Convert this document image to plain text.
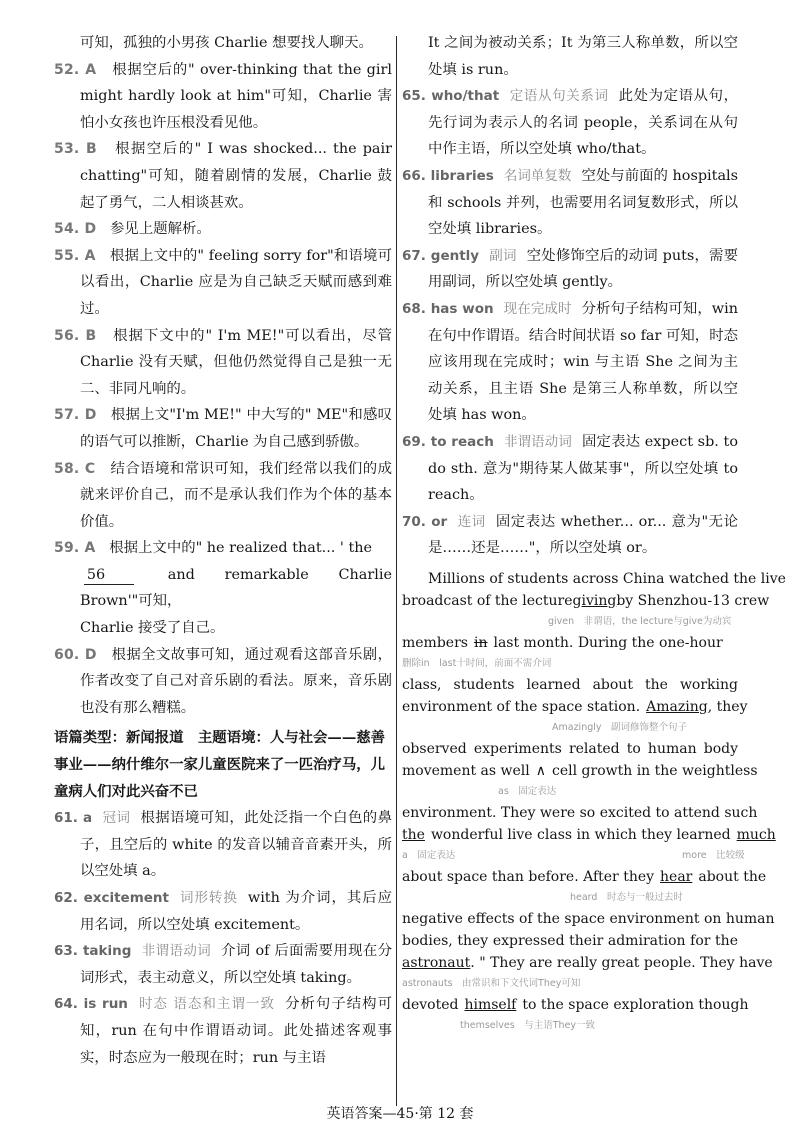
可知，孤独的小男孩 Charlie 想要找人聊天。
52. A 根据空后的" over-thinking that the girl might hardly look at him"可知，Charlie 害怕小女孩也许压根没看见他。
53. B 根据空后的" I was shocked... the pair chatting"可知，随着剧情的发展，Charlie 鼓起了勇气，二人相谈甚欢。
54. D 参见上题解析。
55. A 根据上文中的" feeling sorry for"和语境可以看出，Charlie 应是为自己缺乏天赋而感到难过。
56. B 根据下文中的" I'm ME!"可以看出，尽管 Charlie 没有天赋，但他仍然觉得自己是独一无二、非同凡响的。
57. D 根据上文"I'm ME!" 中大写的" ME"和感叹的语气可以推断，Charlie 为自己感到骄傲。
58. C 结合语境和常识可知，我们经常以我们的成就来评价自己，而不是承认我们作为个体的基本价值。
59. A 根据上文中的" he realized that... ' the
56	and remarkable Charlie Brown'"可知，
Charlie 接受了自己。
60. D 根据全文故事可知，通过观看这部音乐剧，作者改变了自己对音乐剧的看法。原来，音乐剧也没有那么糟糕。
语篇类型：新闻报道　主题语境：人与社会——慈善事业——纳什维尔一家儿童医院来了一匹治疗马，儿童病人们对此兴奋不已
61. a 冠词 根据语境可知，此处泛指一个白色的鼻子，且空后的 white 的发音以辅音音素开头，所以空处填 a。
62. excitement 词形转换 with 为介词，其后应用名词，所以空处填 excitement。
63. taking 非谓语动词 介词 of 后面需要用现在分词形式，表主动意义，所以空处填 taking。
64. is run 时态 语态和主谓一致 分析句子结构可知，run 在句中作谓语动词。此处描述客观事实，时态应为一般现在时；run 与主语
It 之间为被动关系；It 为第三人称单数，所以空处填 is run。
65. who/that 定语从句关系词 此处为定语从句，先行词为表示人的名词 people，关系词在从句中作主语，所以空处填 who/that。
66. libraries 名词单复数 空处与前面的 hospitals 和 schools 并列，也需要用名词复数形式，所以空处填 libraries。
67. gently 副词 空处修饰空后的动词 puts，需要用副词，所以空处填 gently。
68. has won 现在完成时 分析句子结构可知，win 在句中作谓语。结合时间状语 so far 可知，时态应该用现在完成时；win 与主语 She 之间为主动关系，且主语 She 是第三人称单数，所以空处填 has won。
69. to reach 非谓语动词 固定表达 expect sb. to do sth. 意为"期待某人做某事"，所以空处填 to reach。
70. or 连词 固定表达 whether... or... 意为"无论是……还是……"，所以空处填 or。
Millions of students across China watched the live
broadcast of the lecture giving by Shenzhou-13 crew
given　非谓语，the lecture与give为动宾
members in last month. During the one-hour
删除in　last十时间，前面不需介词
class, students learned about the working
environment of the space station. Amazing , they
Amazingly　副词修饰整个句子
observed experiments related to human body
movement as well ∧ cell growth in the weightless
as　固定表达
environment. They were so excited to attend such
the wonderful live class in which they learned much
a　固定表达	more　比较级
about space than before. After they hear about the
heard　时态与一般过去时
negative effects of the space environment on human
bodies, they expressed their admiration for the
astronaut . " They are really great people. They have
astronauts　由常识和下文代词They可知
devoted himself to the space exploration though
themselves　与主语They一致
英语答案—45·第 12 套
